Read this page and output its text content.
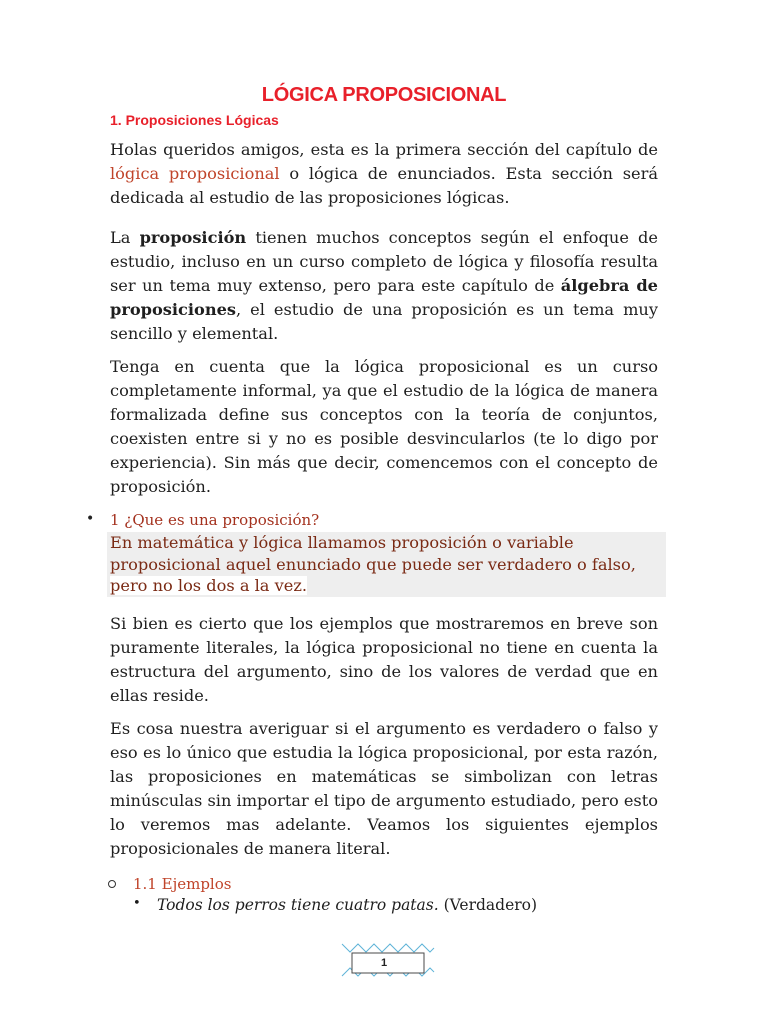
LÓGICA PROPOSICIONAL
1. Proposiciones Lógicas
Holas queridos amigos, esta es la primera sección del capítulo de lógica proposicional o lógica de enunciados. Esta sección será dedicada al estudio de las proposiciones lógicas.
La proposición tienen muchos conceptos según el enfoque de estudio, incluso en un curso completo de lógica y filosofía resulta ser un tema muy extenso, pero para este capítulo de álgebra de proposiciones, el estudio de una proposición es un tema muy sencillo y elemental.
Tenga en cuenta que la lógica proposicional es un curso completamente informal, ya que el estudio de la lógica de manera formalizada define sus conceptos con la teoría de conjuntos, coexisten entre si y no es posible desvincularlos (te lo digo por experiencia). Sin más que decir, comencemos con el concepto de proposición.
• 1 ¿Que es una proposición?
En matemática y lógica llamamos proposición o variable
proposicional aquel enunciado que puede ser verdadero o falso,
pero no los dos a la vez.
Si bien es cierto que los ejemplos que mostraremos en breve son puramente literales, la lógica proposicional no tiene en cuenta la estructura del argumento, sino de los valores de verdad que en ellas reside.
Es cosa nuestra averiguar si el argumento es verdadero o falso y eso es lo único que estudia la lógica proposicional, por esta razón, las proposiciones en matemáticas se simbolizan con letras minúsculas sin importar el tipo de argumento estudiado, pero esto lo veremos mas adelante. Veamos los siguientes ejemplos proposicionales de manera literal.
1.1 Ejemplos
• Todos los perros tiene cuatro patas. (Verdadero)
1
